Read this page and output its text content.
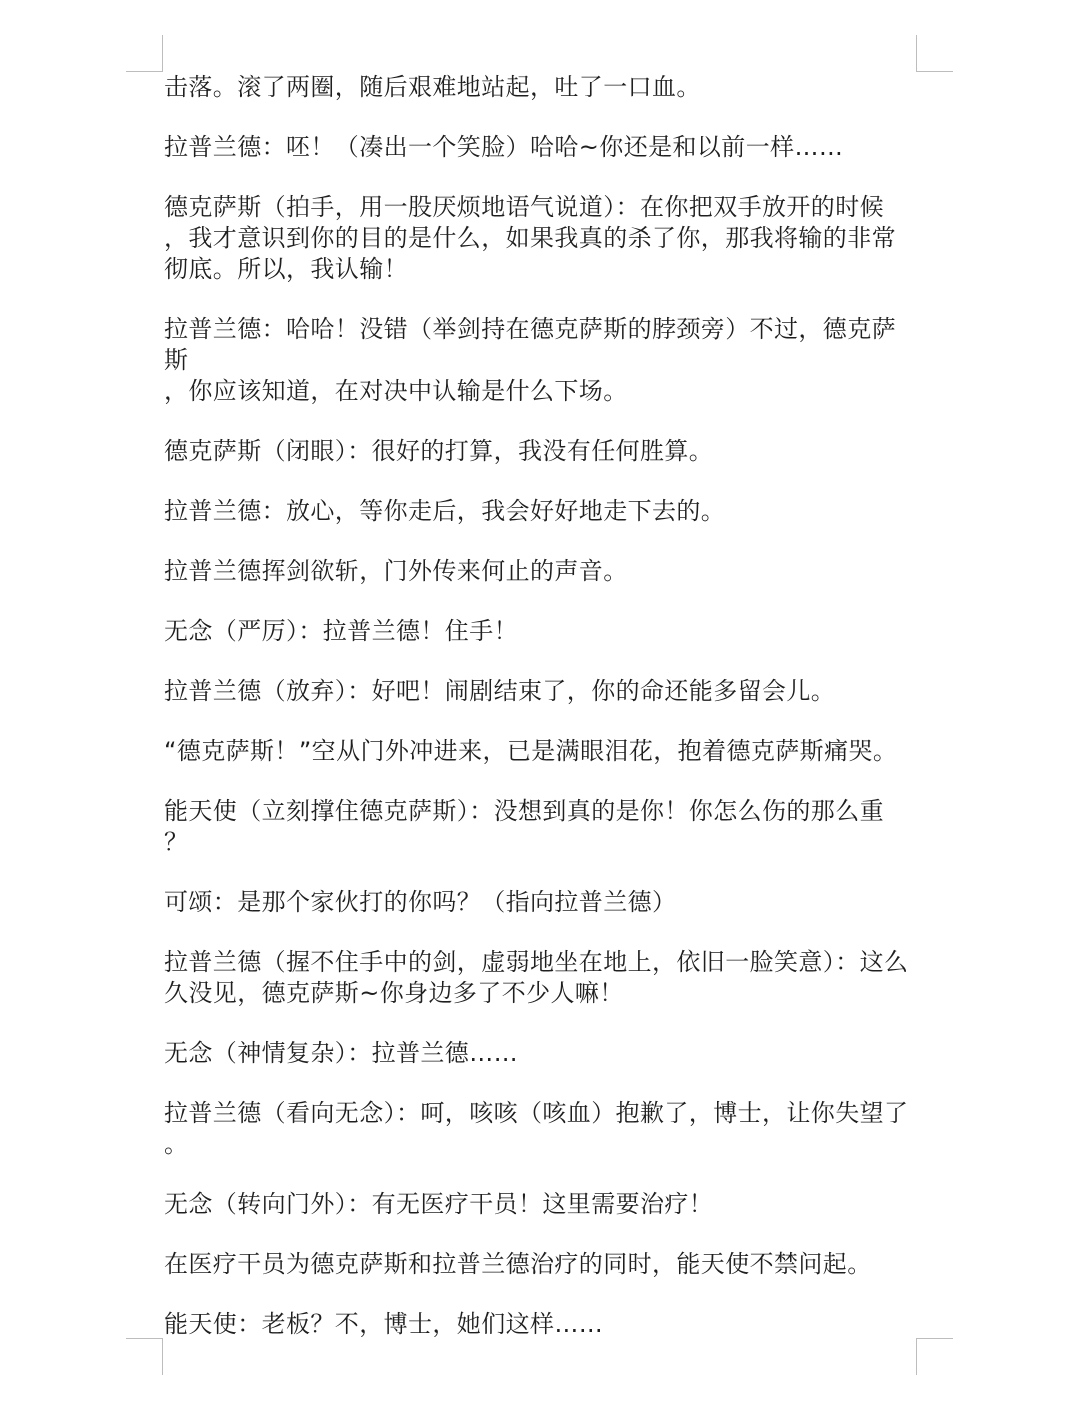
击落。滚了两圈，随后艰难地站起，吐了一口血。

拉普兰德：呸！（凑出一个笑脸）哈哈~你还是和以前一样……

德克萨斯（拍手，用一股厌烦地语气说道）：在你把双手放开的时候
，我才意识到你的目的是什么，如果我真的杀了你，那我将输的非常
彻底。所以，我认输！

拉普兰德：哈哈！没错（举剑持在德克萨斯的脖颈旁）不过，德克萨斯
，你应该知道，在对决中认输是什么下场。

德克萨斯（闭眼）：很好的打算，我没有任何胜算。

拉普兰德：放心，等你走后，我会好好地走下去的。

拉普兰德挥剑欲斩，门外传来何止的声音。

无念（严厉）：拉普兰德！住手！

拉普兰德（放弃）：好吧！闹剧结束了，你的命还能多留会儿。

“德克萨斯！”空从门外冲进来，已是满眼泪花，抱着德克萨斯痛哭。

能天使（立刻撑住德克萨斯）：没想到真的是你！你怎么伤的那么重
？

可颂：是那个家伙打的你吗？（指向拉普兰德）

拉普兰德（握不住手中的剑，虚弱地坐在地上，依旧一脸笑意）：这么
久没见，德克萨斯~你身边多了不少人嘛！

无念（神情复杂）：拉普兰德……

拉普兰德（看向无念）：呵，咳咳（咳血）抱歉了，博士，让你失望了
。

无念（转向门外）：有无医疗干员！这里需要治疗！

在医疗干员为德克萨斯和拉普兰德治疗的同时，能天使不禁问起。

能天使：老板？不，博士，她们这样……
